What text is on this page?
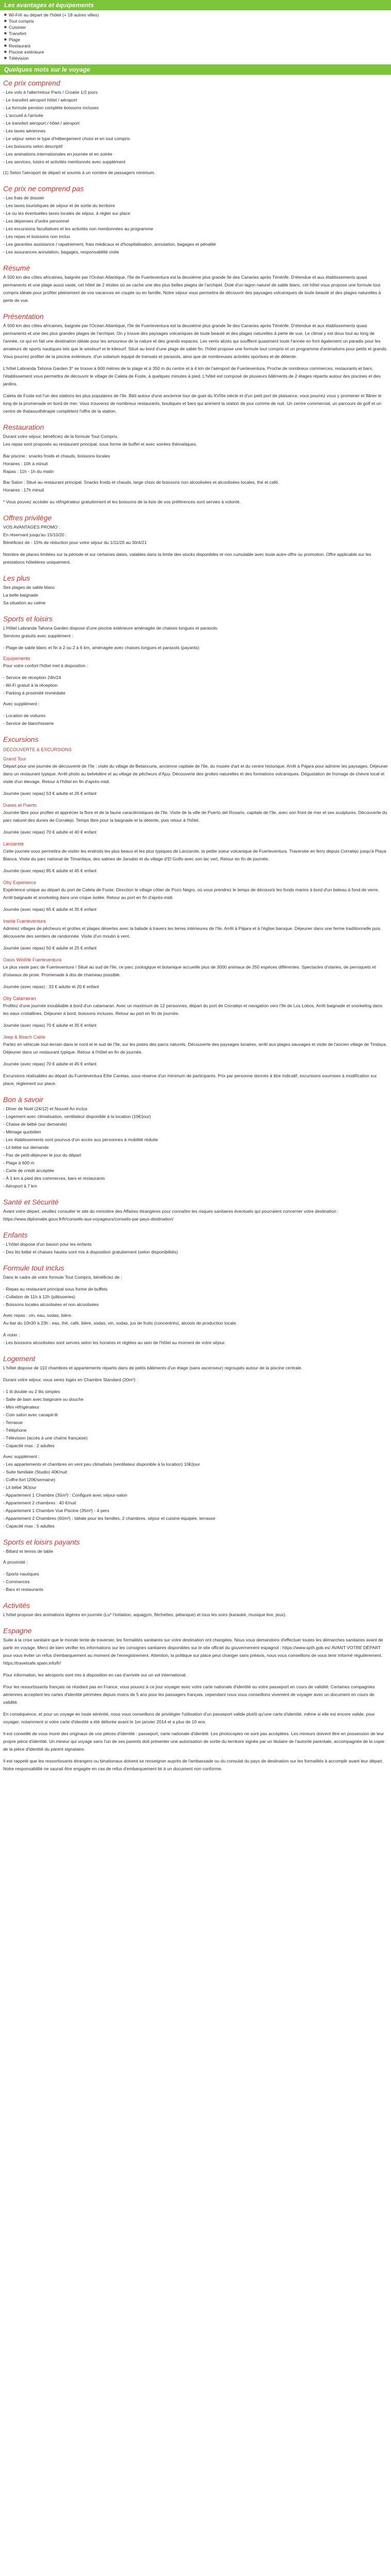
Les avantages et équipements
■ Wi-Fi® au départ de l'hôtel (+ 18 autres villes)
■ Tout compris
■ Cuisinier
■ Transfert
■ Plage
■ Restaurant
■ Piscine extérieure
■ Télévision
Quelques mots sur le voyage
Ce prix comprend
- Les vols à l'aller/retour Paris / Croatie 1/2 jours
- Le transfert aéroport hôtel / aéroport
- La formule pension complète boissons incluses
- L'accueil à l'arrivée
- Le transfert aéroport / hôtel / aéroport
- Les taxes aériennes
- Le séjour selon le type d'hébergement choisi et en tout compris
- Les boissons selon descriptif
- Les animations internationales en journée et en soirée
- Les services, loisirs et activités mentionnés avec supplément

(1) Selon l'aéroport de départ et soumis à un nombre de passagers minimum.

Ce prix ne comprend pas
- Les frais de dossier
- Les taxes touristiques de séjour et de sortie du territoire
- Le ou les éventuelles taxes locales de séjour, à régler sur place
- Les dépenses d'ordre personnel
- Les excursions facultatives et les activités non mentionnées au programme
- Les repas et boissons non inclus
- Les garanties assistance / rapatriement, frais médicaux et d'hospitalisation, annulation, bagages et pénalité
- Les assurances annulation, bagages, responsabilité civile
Résumé

À 500 km des côtes africaines, baignée par l'Océan Atlantique, l'île de Fuerteventura est la deuxième plus grande île des Canaries après Ténérife. D'étendue et aux établissements quasi permanents et une plage aussi vaste, cet hôtel de 2 étoiles où se cache une des plus belles plages de l'archipel. Doté d'un lagon naturel de sable blanc, cet hôtel vous propose une formule tout compris idéale pour profiter pleinement de vos vacances en couple ou en famille. Notre séjour vous permettra de découvrir des paysages volcaniques de toute beauté et des plages naturelles à perte de vue.

Présentation

À 500 km des côtes africaines, baignée par l'Océan Atlantique, l'île de Fuerteventura est la deuxième plus grande île des Canaries après Ténérife. D'étendue et aux établissements quasi permanents et une des plus grandes plages de l'archipel. On y trouve des paysages volcaniques de toute beauté et des plages naturelles à perte de vue. Le climat y est doux tout au long de l'année, ce qui en fait une destination idéale pour les amoureux de la nature et des grands espaces. Les vents alizés qui soufflent quasiment toute l'année en font également un paradis pour les amateurs de sports nautiques tels que le windsurf et le kitesurf. Situé au bord d'une plage de sable fin, l'hôtel propose une formule tout compris et un programme d'animations pour petits et grands. Vous pourrez profiter de la piscine extérieure, d'un solarium équipé de transats et parasols, ainsi que de nombreuses activités sportives et de détente.

L'hôtel Labranda Tahona Garden 3* se trouve à 600 mètres de la plage et à 350 m du centre et à 4 km de l'aéroport de Fuerteventura. Proche de nombreux commerces, restaurants et bars, l'établissement vous permettra de découvrir le village de Caleta de Fuste, à quelques minutes à pied. L'hôtel est composé de plusieurs bâtiments de 2 étages répartis autour des piscines et des jardins.

Caleta de Fuste est l'un des stations les plus populaires de l'île. Bâti autour d'une ancienne tour de guet du XVIIIe siècle et d'un petit port de plaisance, vous pourrez vous y promener et flâner le long de la promenade en bord de mer. Vous trouverez de nombreux restaurants, boutiques et bars qui animent la station de jour comme de nuit. Un centre commercial, un parcours de golf et un centre de thalassothérapie complètent l'offre de la station.

Restauration

Durant votre séjour, bénéficiez de la formule Tout Compris.
Les repas sont proposés au restaurant principal, sous forme de buffet et avec soirées thématiques.

Bar piscine : snacks froids et chauds, boissons locales
Horaires : 10h à minuit
Rapas : 11h - 1h du matin

Bar Salon : Situé au restaurant principal. Snacks froids et chauds, large choix de boissons non alcoolisées et alcoolisées locales, thé et café.
Horaires : 17h minuit

* Vous pouvez accéder au réfrigérateur gratuitement et les boissons de la liste de vos préférences sont servies à volonté.

Offres privilège

VOS AVANTAGES PROMO :
En réservant jusqu'au 15/10/20 :
Bénéficiez de - 15% de réduction pour votre séjour du 1/11/20 au 30/4/21

Nombre de places limitées sur la période et sur certaines dates, valables dans la limite des stocks disponibles et non cumulable avec toute autre offre ou promotion. Offre applicable sur les prestations hôtelières uniquement.

Les plus
Ses plages de sable blanc
La belle baignade
Sa situation au calme
Sports et loisirs

L'Hôtel Labranda Tahona Garden dispose d'une piscine extérieure aménagée de chaises longues et parasols.
Services gratuits avec supplément :

- Plage de sable blanc et fin à 2 ou 2 à 6 km, aménagée avec chaises longues et parasols (payants)
Equipements

Pour votre confort l'hôtel met à disposition :

- Service de réception 24h/24
- Wi-Fi gratuit à la réception
- Parking à proximité immédiate

Avec supplément :

- Location de voitures
- Service de blanchisserie
Excursions
DÉCOUVERTE & EXCURSIONS
Grand Tour

Départ pour une journée de découverte de l'île : visite du village de Betancuria, ancienne capitale de l'île, du musée d'art et du centre historique. Arrêt à Pájara pour admirer les paysages. Déjeuner dans un restaurant typique. Arrêt photo au belvédère et au village de pêcheurs d'Ajuy. Découverte des grottes naturelles et des formations volcaniques. Dégustation de fromage de chèvre local et visite d'un élevage. Retour à l'hôtel en fin d'après-midi.

Journée (avec repas) 53 € adulte et 26 € enfant

Dunes et Puerto

Journée libre pour profiter et apprécier la flore et de la faune caractéristiques de l'île. Visite de la ville de Puerto del Rosario, capitale de l'île, avec son front de mer et ses sculptures. Découverte du parc naturel des dunes de Corralejo. Temps libre pour la baignade et la détente, puis retour à l'hôtel.

Journée (avec repas) 70 € adulte et 40 € enfant

Lanzarote

Cette journée vous permettra de visiter les endroits les plus beaux et les plus typiques de Lanzarote, la petite soeur volcanique de Fuerteventura. Traversée en ferry depuis Corralejo jusqu'à Playa Blanca. Visite du parc national de Timanfaya, des salines de Janubio et du village d'El Golfo avec son lac vert. Retour en fin de journée.

Journée (avec repas) 85 € adulte et 45 € enfant

Oby Experience

Expérience unique au départ du port de Caleta de Fuste. Direction le village côtier de Pozo Negro, où vous prendrez le temps de découvrir les fonds marins à bord d'un bateau à fond de verre. Arrêt baignade et snorkeling dans une crique isolée. Retour au port en fin d'après-midi.

Journée (avec repas) 65 € adulte et 35 € enfant

Inside Fuerteventura

Admirez villages de pêcheurs et grottes et plages désertes avec la balade à travers les terres intérieures de l'île. Arrêt à Pájara et à l'église baroque. Déjeuner dans une ferme traditionnelle puis découverte des sentiers de randonnée. Visite d'un moulin à vent.

Journée (avec repas) 50 € adulte et 25 € enfant

Oasis Wildlife Fuerteventura

Le plus vaste parc de Fuerteventura ! Situé au sud de l'île, ce parc zoologique et botanique accueille plus de 3000 animaux de 250 espèces différentes. Spectacles d'otaries, de perroquets et d'oiseaux de proie. Promenade à dos de chameau possible.

Journée (avec repas) : 33 € adulte et 20 € enfant

Oby Catamaran

Profitez d'une journée inoubliable à bord d'un catamaran. Avec un maximum de 12 personnes, départ du port de Corralejo et navigation vers l'île de Los Lobos. Arrêt baignade et snorkeling dans les eaux cristallines. Déjeuner à bord, boissons incluses. Retour au port en fin de journée.

Journée (avec repas) 70 € adulte et 35 € enfant

Jeep & Beach Cable

Partez en véhicule tout-terrain dans le nord et le sud de l'île, sur les pistes des parcs naturels. Découverte des paysages lunaires, arrêt aux plages sauvages et visite de l'ancien village de Tindaya. Déjeuner dans un restaurant typique. Retour à l'hôtel en fin de journée.

Journée (avec repas) 70 € adulte et 45 € enfant

Excursions réalisables au départ du Fuerteventura Elite Caretas, sous réserve d'un minimum de participants. Prix par personne donnés à titre indicatif, excursions soumises à modification sur place, règlement sur place.

Bon à savoir
- Dîner de Noël (24/12) et Nouvel An inclus
- Logement avec climatisation, ventilateur disponible à la location (10€/jour)
- Chaise de bébé (sur demande)
- Ménage quotidien
- Les établissements sont pourvus d'un accès aux personnes à mobilité réduite
- Lit bébé sur demande
- Pas de petit-déjeuner le jour du départ
- Plage à 600 m
- Carte de crédit acceptée
- À 1 km à pied des commerces, bars et restaurants
- Aéroport à 7 km
Santé et Sécurité

Avant votre départ, veuillez consulter le site du ministère des Affaires étrangères pour connaître les risques sanitaires éventuels qui pourraient concerner votre destination : https://www.diplomatie.gouv.fr/fr/conseils-aux-voyageurs/conseils-par-pays-destination/

Enfants
- L'hôtel dispose d'un bassin pour les enfants
- Des lits bébé et chaises hautes sont mis à disposition gratuitement (selon disponibilités)
Formule tout inclus

Dans le cadre de votre formule Tout Compris, bénéficiez de :

- Repas au restaurant principal sous forme de buffets
- Collation de 11h à 12h (pâtisseries)
- Boissons locales alcoolisées et non alcoolisées

Avec repas : vin, eau, sodas, bière.
Au bar du 10h30 à 23h : eau, thé, café, bière, sodas, vin, sodas, jus de fruits (concentrés), alcools de production locale.

À noter :
- Les boissons alcoolisées sont servies selon les horaires et réglées au sein de l'hôtel au moment de votre séjour.

Logement

L'hôtel dispose de 110 chambres et appartements répartis dans de petits bâtiments d'un étage (sans ascenseur) regroupés autour de la piscine centrale.

Durant votre séjour, vous serez logés en Chambre Standard (20m²) :

- 1 lit double ou 2 lits simples
- Salle de bain avec baignoire ou douche
- Mini réfrigérateur
- Coin salon avec canapé-lit
- Terrasse
- Téléphone
- Télévision (accès à une chaîne française)
- Capacité max : 2 adultes

Avec supplément :
- Les appartements et chambres en vent peu climatisés (ventilateur disponible à la location) 10€/jour
- Suite familiale (Studio) 40€/nuit
- Coffre-fort (20€/semaine)
- Lit bébé 3€/jour
- Appartement 1 Chambre (35m²) : Configuré avec séjour-salon
- Appartement 2 chambres : 40 €/nuit
- Appartement 1 Chambre Vue Piscine (35m²) - 4 pers
- Appartement 2 Chambres (60m²) : Idéale pour les familles, 2 chambres, séjour et cuisine équipée, terrasse
- Capacité max : 5 adultes

Sports et loisirs payants
- Billard et tennis de table

À proximité :

- Sports nautiques
- Commerces
- Bars et restaurants
Activités

L'hôtel propose des animations légères en journée (Lu* l'initiation, aquagym, fléchettes, pétanque) et tous les soirs (karaoké, musique live, jeux).

Espagne

Suite à la crise sanitaire que le monde tente de traverser, les formalités sanitaires sur votre destination ont changées. Nous vous demandons d'effectuer toutes les démarches sanitaires avant de partir en voyage. Merci de bien vérifier les informations sur les consignes sanitaires disponibles sur le site officiel du gouvernement espagnol : https://www.spth.gob.es/ AVANT VOTRE DÉPART pour vous éviter un refus d'embarquement au moment de l'enregistrement. Attention, la politique sur place peut changer sans préavis, nous vous conseillons de vous tenir informé régulièrement.
https://travelsafe.spain.info/fr/

Pour information, les aéroports sont mis à disposition en cas d'arrivée sur un vol international.

Pour les ressortissants français ne résidant pas en France, vous pouvez à ce jour voyager avec votre carte nationale d'identité ou votre passeport en cours de validité. Certaines compagnies aériennes acceptent les cartes d'identité périmées depuis moins de 5 ans pour les passagers français, cependant nous vous conseillons vivement de voyager avec un document en cours de validité.

En conséquence, et pour un voyage en toute sérénité, nous vous conseillons de privilégier l'utilisation d'un passeport valide plutôt qu'une carte d'identité, même si elle est encore valide, pour voyager, notamment si votre carte d'identité a été délivrée avant le 1er janvier 2014 et a plus de 10 ans.

Il est conseillé de vous munir des originaux de vos pièces d'identité : passeport, carte nationale d'identité. Les photocopies ne sont pas acceptées. Les mineurs doivent être en possession de leur propre pièce d'identité. Un mineur qui voyage sans l'un de ses parents doit présenter une autorisation de sortie du territoire signée par un titulaire de l'autorité parentale, accompagnée de la copie de la pièce d'identité du parent signataire.

Il est rappelé que les ressortissants étrangers ou binationaux doivent se renseigner auprès de l'ambassade ou du consulat du pays de destination sur les formalités à accomplir avant leur départ. Notre responsabilité ne saurait être engagée en cas de refus d'embarquement lié à un document non conforme.
